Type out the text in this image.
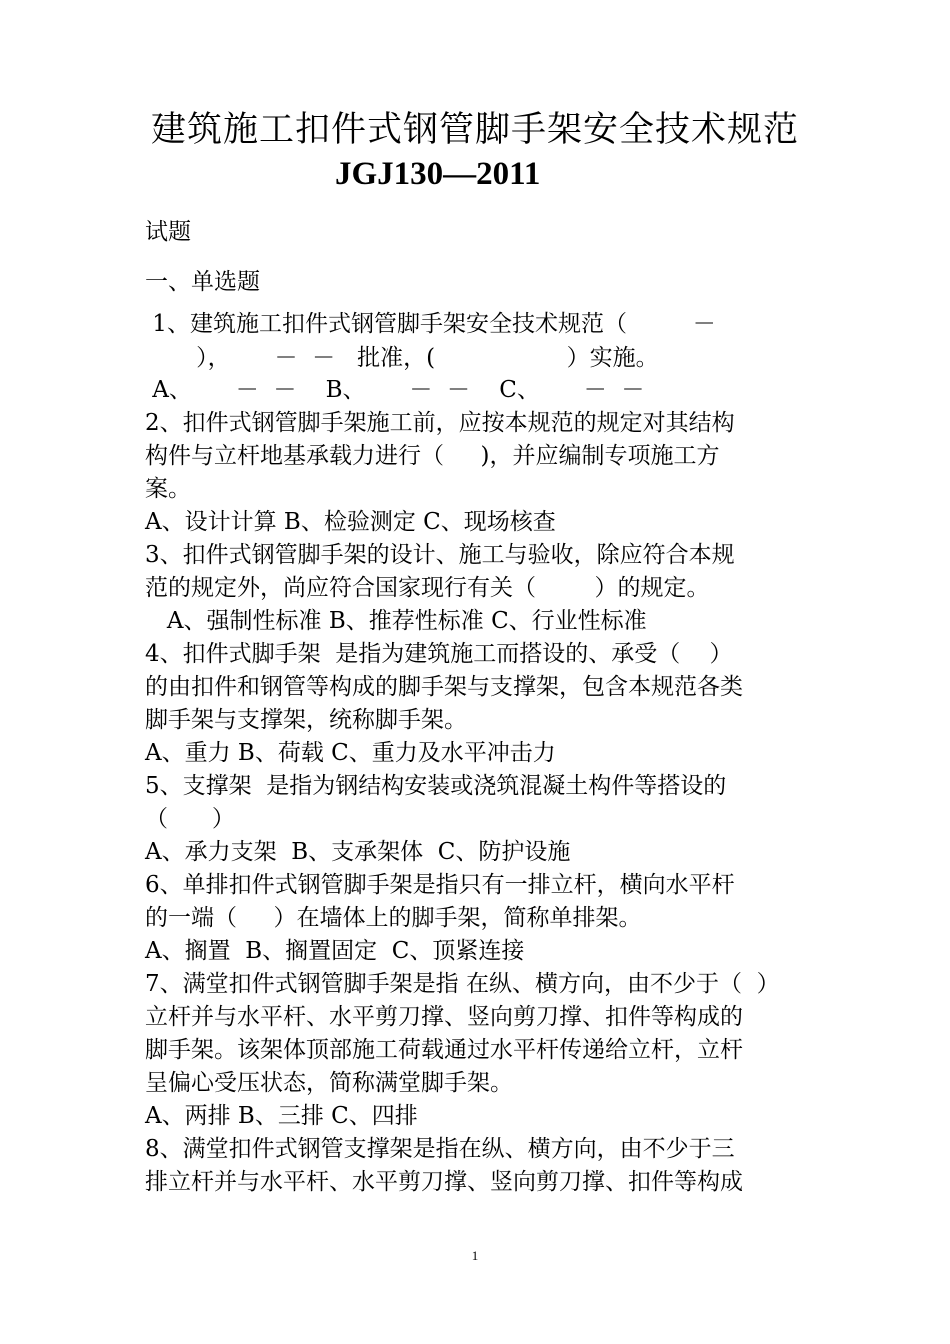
建筑施工扣件式钢管脚手架安全技术规范
JGJ130—2011
试题
一、单选题
1、建筑施工扣件式钢管脚手架安全技术规范（         －
），      －  －   批准，(                  ）实施。
A、      －  －    B、      －  －    C、      －  －
2、扣件式钢管脚手架施工前，应按本规范的规定对其结构
构件与立杆地基承载力进行（     )，并应编制专项施工方
案。
A、设计计算 B、检验测定 C、现场核查
3、扣件式钢管脚手架的设计、施工与验收，除应符合本规
范的规定外，尚应符合国家现行有关（        ）的规定。
A、强制性标准 B、推荐性标准 C、行业性标准
4、扣件式脚手架  是指为建筑施工而搭设的、承受（    ）
的由扣件和钢管等构成的脚手架与支撑架，包含本规范各类
脚手架与支撑架，统称脚手架。
A、重力 B、荷载 C、重力及水平冲击力
5、支撑架  是指为钢结构安装或浇筑混凝土构件等搭设的
（      ）
A、承力支架  B、支承架体  C、防护设施
6、单排扣件式钢管脚手架是指只有一排立杆，横向水平杆
的一端（     ）在墙体上的脚手架，简称单排架。
A、搁置  B、搁置固定  C、顶紧连接
7、满堂扣件式钢管脚手架是指 在纵、横方向，由不少于（  ）
立杆并与水平杆、水平剪刀撑、竖向剪刀撑、扣件等构成的
脚手架。该架体顶部施工荷载通过水平杆传递给立杆，立杆
呈偏心受压状态，简称满堂脚手架。
A、两排 B、三排 C、四排
8、满堂扣件式钢管支撑架是指在纵、横方向，由不少于三
排立杆并与水平杆、水平剪刀撑、竖向剪刀撑、扣件等构成
1
